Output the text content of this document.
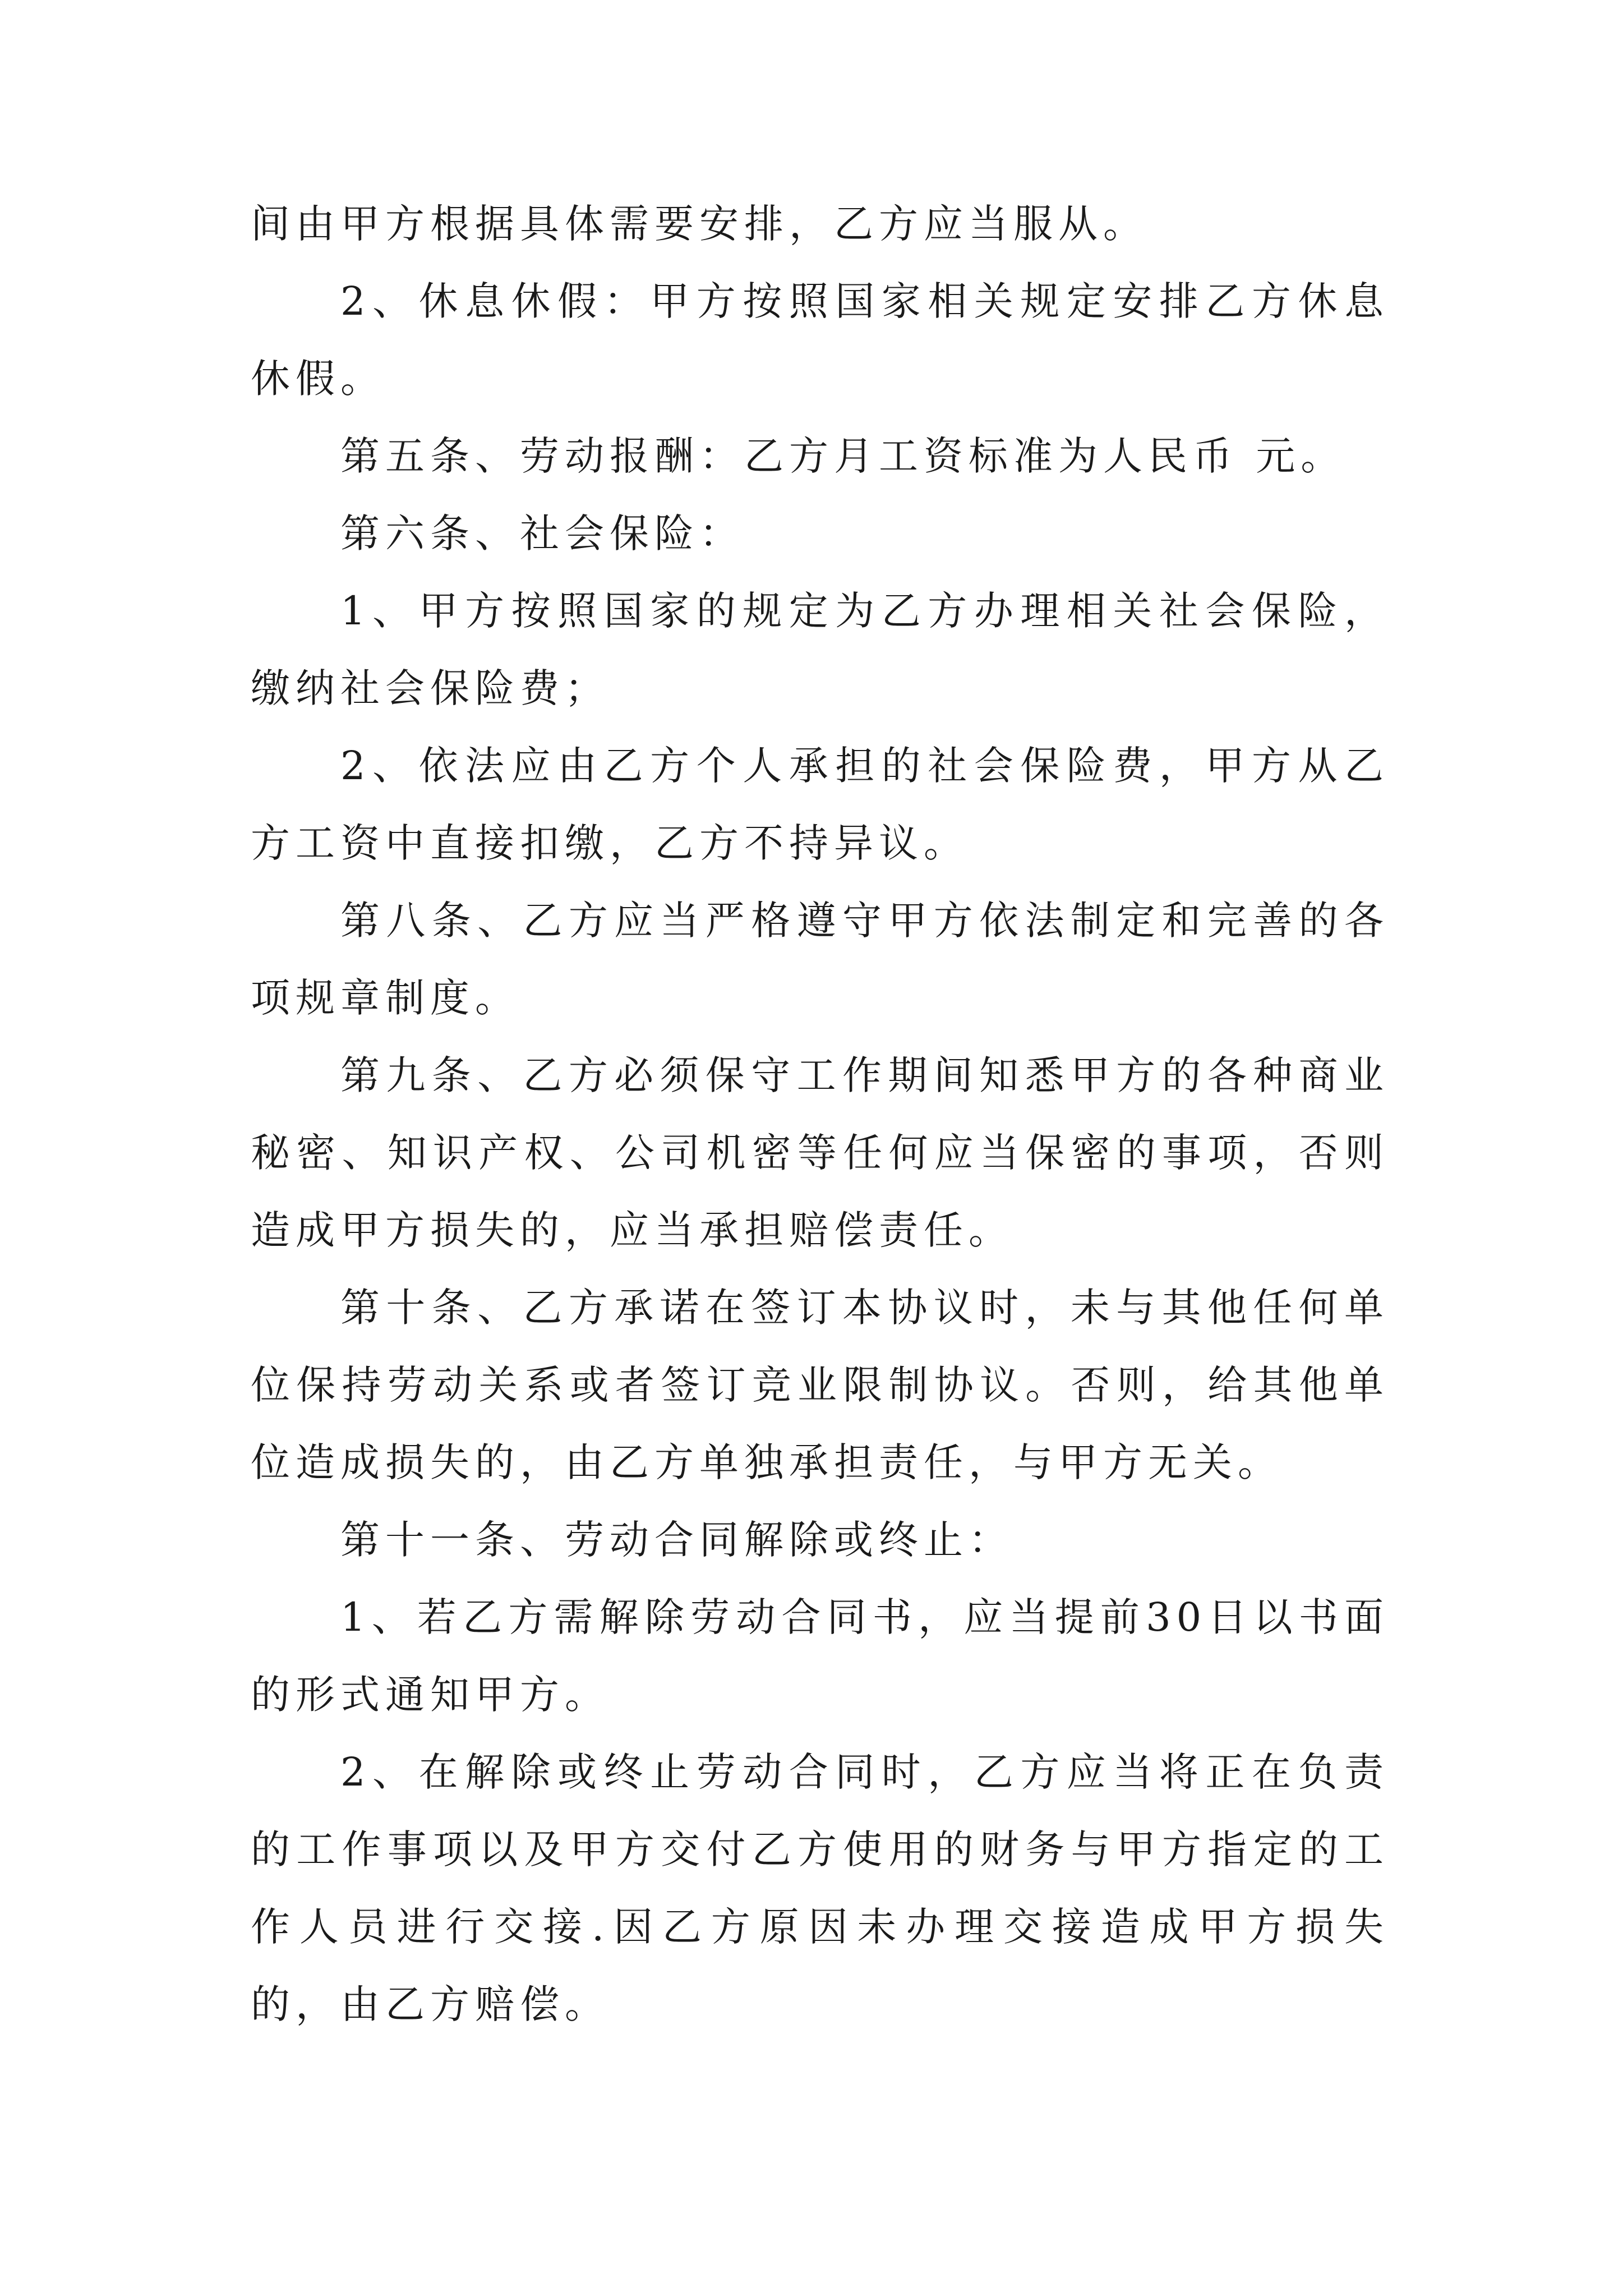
间由甲方根据具体需要安排，乙方应当服从。

2、休息休假：甲方按照国家相关规定安排乙方休息休假。

第五条、劳动报酬：乙方月工资标准为人民币 元。

第六条、社会保险：

1、甲方按照国家的规定为乙方办理相关社会保险，缴纳社会保险费；

2、依法应由乙方个人承担的社会保险费，甲方从乙方工资中直接扣缴，乙方不持异议。

第八条、乙方应当严格遵守甲方依法制定和完善的各项规章制度。

第九条、乙方必须保守工作期间知悉甲方的各种商业秘密、知识产权、公司机密等任何应当保密的事项，否则造成甲方损失的，应当承担赔偿责任。

第十条、乙方承诺在签订本协议时，未与其他任何单位保持劳动关系或者签订竞业限制协议。否则，给其他单位造成损失的，由乙方单独承担责任，与甲方无关。

第十一条、劳动合同解除或终止：

1、若乙方需解除劳动合同书，应当提前30日以书面的形式通知甲方。

2、在解除或终止劳动合同时，乙方应当将正在负责的工作事项以及甲方交付乙方使用的财务与甲方指定的工作人员进行交接.因乙方原因未办理交接造成甲方损失的，由乙方赔偿。
